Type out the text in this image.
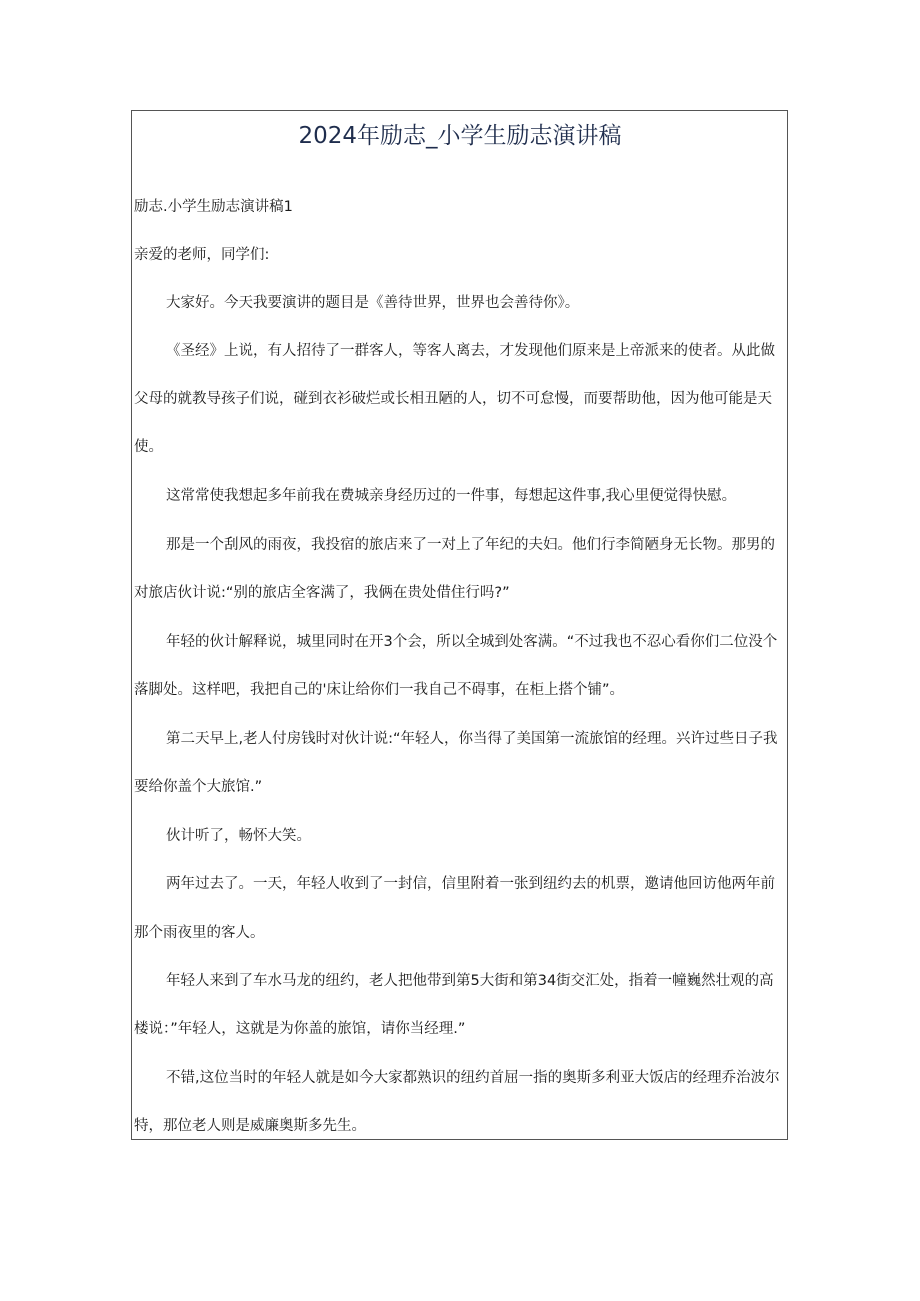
2024年励志_小学生励志演讲稿

励志.小学生励志演讲稿1

亲爱的老师，同学们:

大家好。今天我要演讲的题目是《善待世界，世界也会善待你》。

《圣经》上说，有人招待了一群客人，等客人离去，才发现他们原来是上帝派来的使者。从此做

父母的就教导孩子们说，碰到衣衫破烂或长相丑陋的人，切不可怠慢，而要帮助他，因为他可能是天

使。

这常常使我想起多年前我在费城亲身经历过的一件事，每想起这件事,我心里便觉得快慰。

那是一个刮风的雨夜，我投宿的旅店来了一对上了年纪的夫妇。他们行李简陋身无长物。那男的

对旅店伙计说:“别的旅店全客满了，我俩在贵处借住行吗?”

年轻的伙计解释说，城里同时在开3个会，所以全城到处客满。“不过我也不忍心看你们二位没个

落脚处。这样吧，我把自己的'床让给你们一我自己不碍事，在柜上搭个铺”。

第二天早上,老人付房钱时对伙计说:“年轻人，你当得了美国第一流旅馆的经理。兴许过些日子我

要给你盖个大旅馆.”

伙计听了，畅怀大笑。

两年过去了。一天，年轻人收到了一封信，信里附着一张到纽约去的机票，邀请他回访他两年前

那个雨夜里的客人。

年轻人来到了车水马龙的纽约，老人把他带到第5大街和第34街交汇处，指着一幢巍然壮观的高

楼说：”年轻人，这就是为你盖的旅馆，请你当经理.”

不错,这位当时的年轻人就是如今大家都熟识的纽约首屈一指的奥斯多利亚大饭店的经理乔治波尔

特，那位老人则是威廉奥斯多先生。
